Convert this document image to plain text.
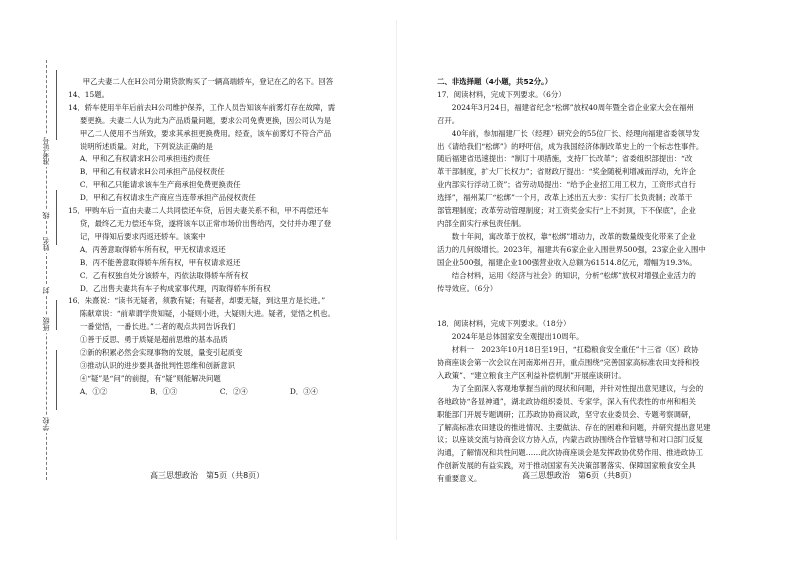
准考证号
线
姓名
封
班级
学校

甲乙夫妻二人在H公司分期贷款购买了一辆高端轿车，登记在乙的名下。回答

14、15题。

14．轿车使用半年后前去H公司维护保养，工作人员告知该车前雾灯存在故障，需

要更换。夫妻二人认为此为产品质量问题，要求公司免费更换，因公司认为是

甲乙二人使用不当所致，要求其承担更换费用。经查，该车前雾灯不符合产品

说明所述质量。对此，下列说法正确的是

A．甲和乙有权请求H公司承担违约责任

B．甲和乙有权请求H公司承担产品侵权责任

C．甲和乙只能请求该车生产商承担免费更换责任

D．甲和乙有权请求生产商应当连带承担产品侵权责任

15．甲购车后一直由夫妻二人共同偿还车贷，后因夫妻关系不和，甲不再偿还车

贷，最终乙无力偿还车贷，遂将该车以正常市场价出售给丙，交付并办理了登

记，甲得知后要求丙返还轿车。该案中

A．丙善意取得轿车所有权，甲无权请求返还

B．丙不能善意取得轿车所有权，甲有权请求返还

C．乙有权独自处分该轿车，丙依法取得轿车所有权

D．乙出售夫妻共有车子构成家事代理，丙取得轿车所有权

16．朱熹说：“读书无疑者，须教有疑；有疑者，却要无疑，到这里方是长进。”

陈献章说：“前辈谓学贵知疑，小疑则小进，大疑则大进。疑者，觉悟之机也。

一番觉悟，一番长进。”二者的观点共同告诉我们

①善于反思、勇于质疑是超前思维的基本品质

②新的积累必然会实现事物的发展，量变引起质变

③推动认识的进步要具备批判性思维和创新意识

④“疑”是“问”的前提，有“疑”则能解决问题

A．①②	B．①③	C．②④	D．③④
高三思想政治　第5页（共8页）

二、非选择题（4小题，共52分。）

17．阅读材料，完成下列要求。（6分）

2024年3月24日，福建省纪念“松绑”放权40周年暨全省企业家大会在福州

召开。

40年前，参加福建厂长（经理）研究会的55位厂长、经理向福建省委领导发

出《请给我们“松绑”》的呼吁信，成为我国经济体制改革史上的一个标志性事件。

随后福建省迅速提出：“制订十项措施，支持厂长改革”；省委组织部提出：“改

革干部制度，扩大厂长权力”；省财政厅提出：“奖金随税利增减而浮动，允许企

业内部实行浮动工资”；省劳动局提出：“给予企业招工用工权力，工资形式自行

选择”，福州某厂“松绑”一个月，改革上述出五大步：实行厂长负责制；改革干

部管理制度；改革劳动管理制度；对工资奖金实行“上不封顶，下不保底”，企业

内部全面实行承包责任制。

数十年间，寓改革于放权，靠“松绑”增动力，改革的数量级变化带来了企业

活力的几何级增长。2023年，福建共有6家企业入围世界500强，23家企业入围中

国企业500强，福建企业100强营业收入总额为61514.8亿元，增幅为19.3%。

结合材料，运用《经济与社会》的知识，分析“松绑”放权对增强企业活力的

传导效应。（6分）

18．阅读材料，完成下列要求。（18分）

2024年是总体国家安全观提出10周年。

材料一　2023年10月18日至19日，“扛稳粮食安全重任”十三省（区）政协

协商座谈会第一次会议在河南郑州召开，重点围绕“完善国家高标准农田支持和投

入政策”、“建立粮食主产区利益补偿机制”开展座谈研讨。

为了全面深入客观地掌握当前的现状和问题，并针对性提出意见建议，与会的

各地政协“各显神通”，湖北政协组织委员、专家学，深入有代表性的市州和相关

职能部门开展专题调研；江苏政协协商议政，坚守农业委员会、专题考察调研，

了解高标准农田建设的推进情况、主要做法、存在的困难和问题，并研究提出意见建

议；以座谈交流与协商会议方协入点，内蒙古政协围绕合作管辖导和对口部门反复

沟通，了解情况和共性问题……此次协商座谈会是发挥政协优势作用、推进政协工

作创新发展的有益实践，对于推动国家有关决策部署落实、保障国家粮食安全具

有重要意义。	高三思想政治　第6页（共8页）
